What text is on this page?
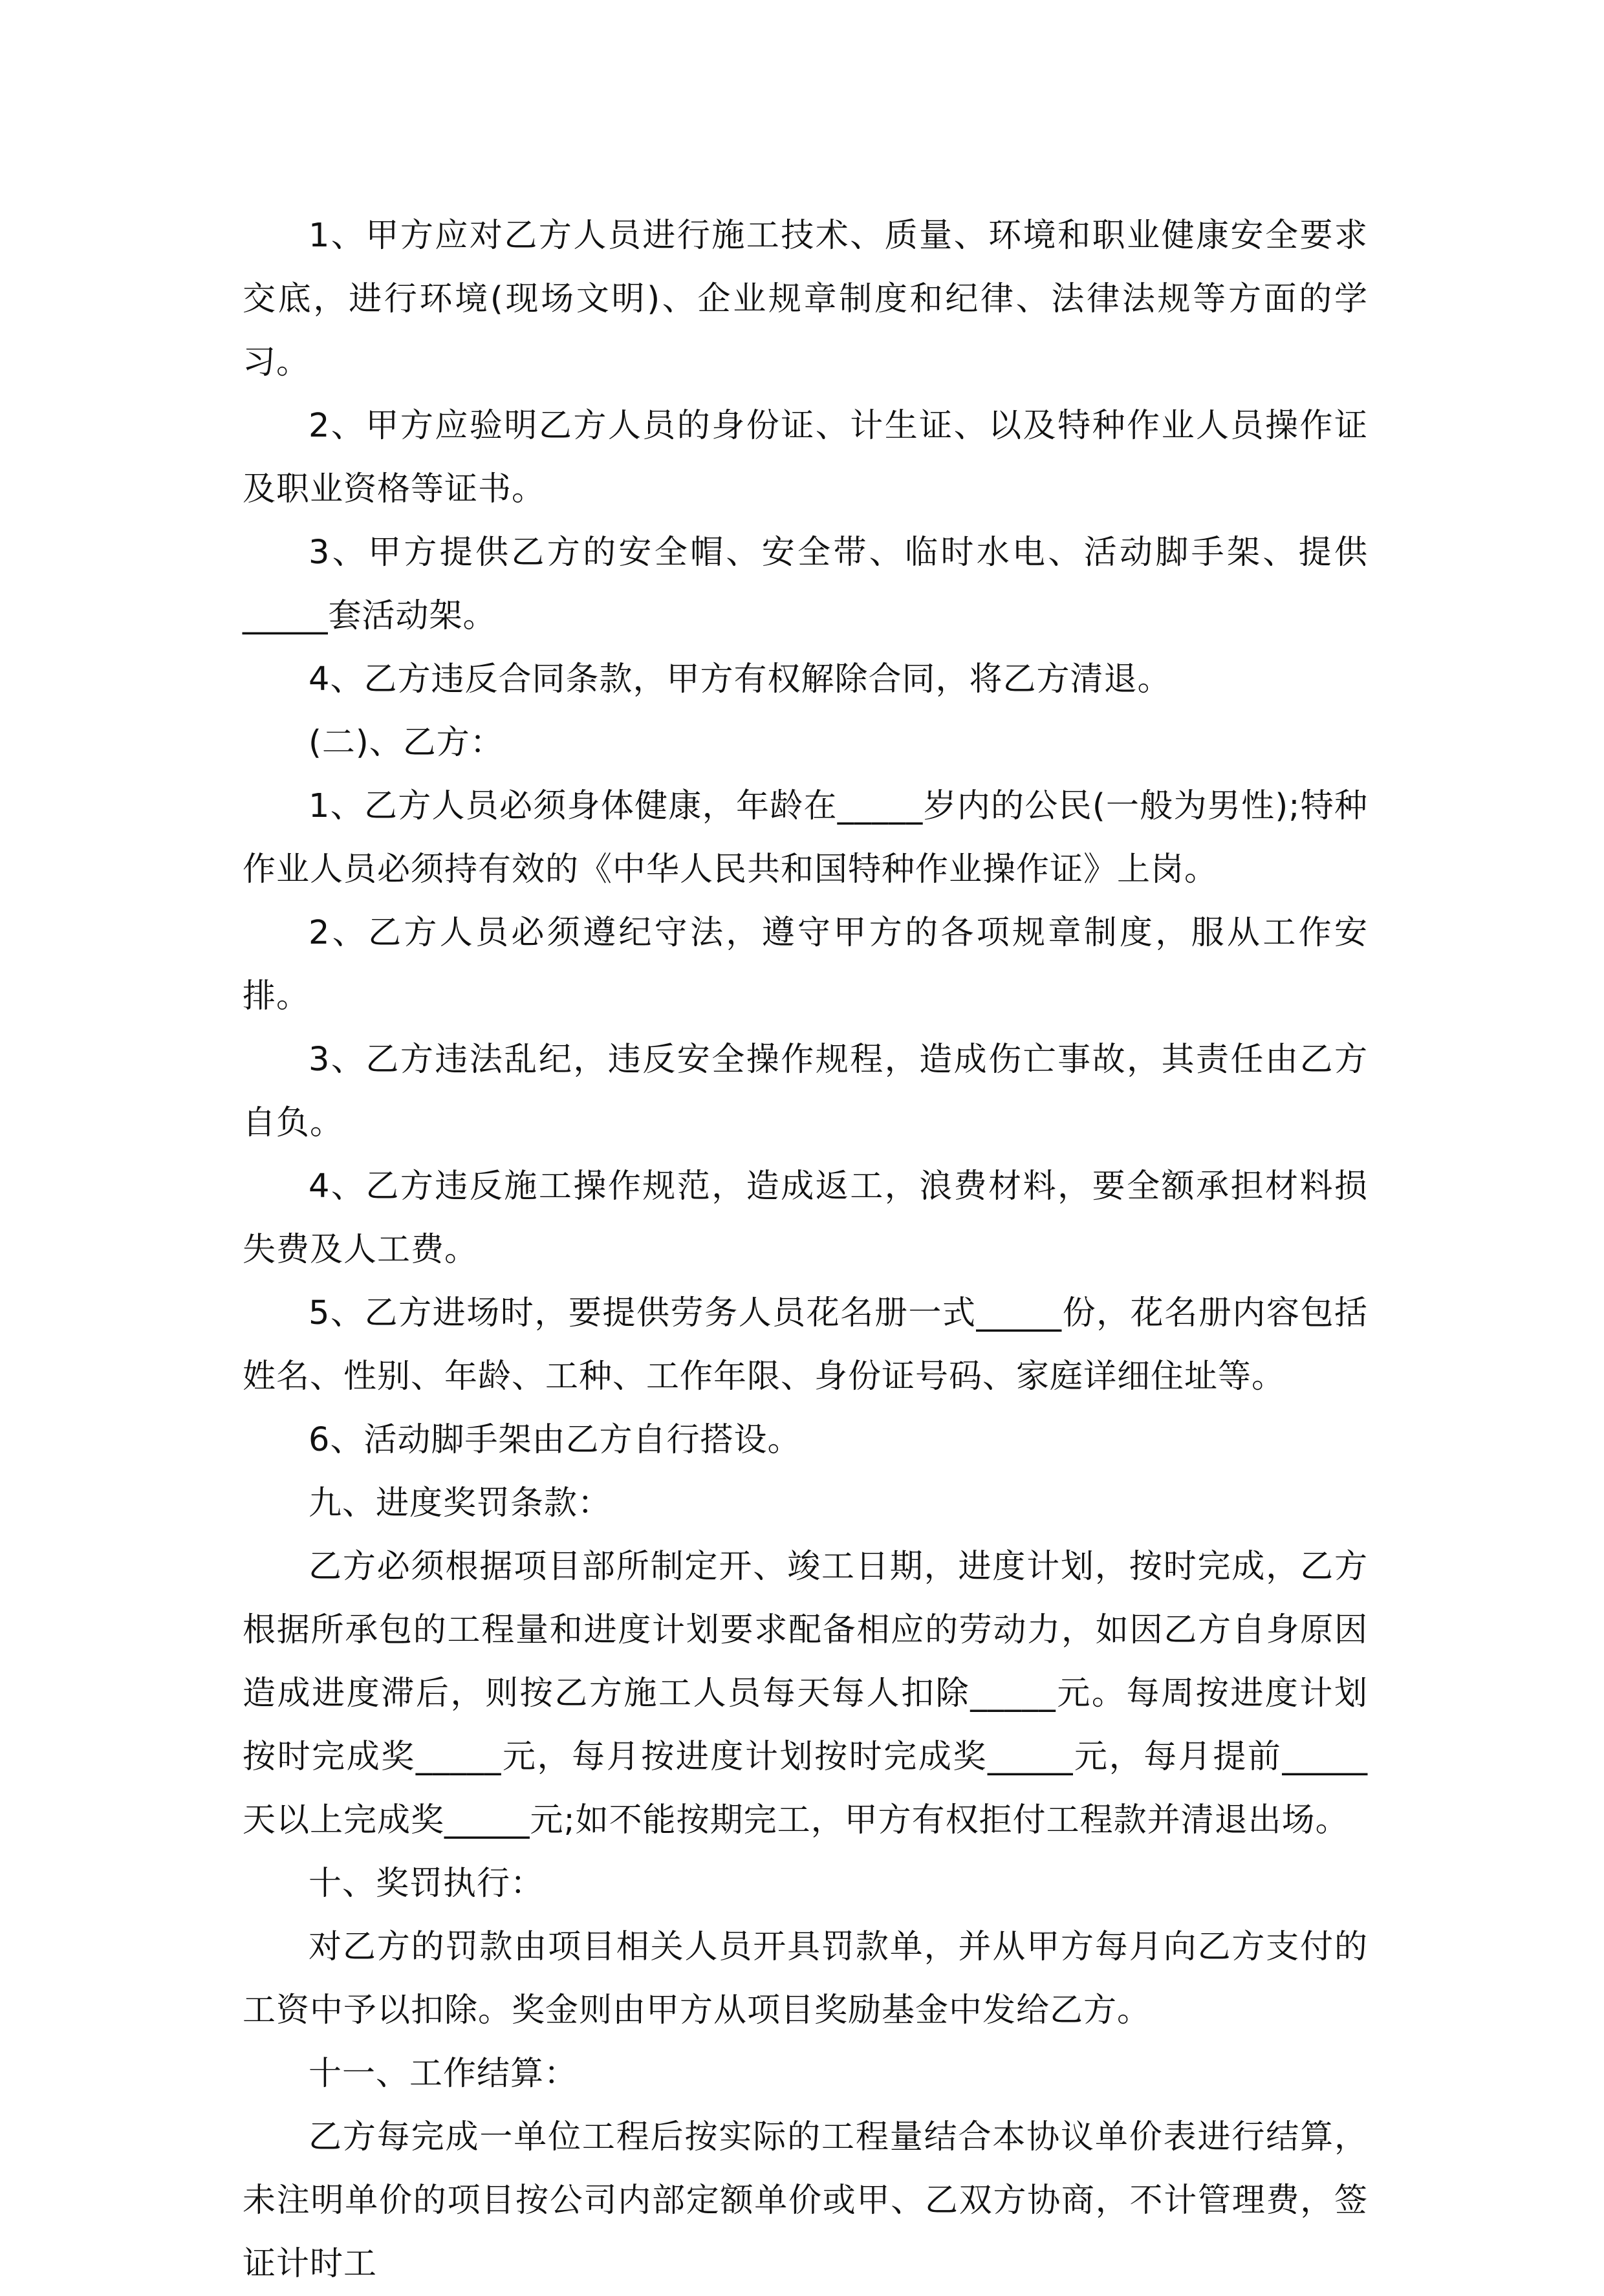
1、甲方应对乙方人员进行施工技术、质量、环境和职业健康安全要求交底，进行环境(现场文明)、企业规章制度和纪律、法律法规等方面的学习。

2、甲方应验明乙方人员的身份证、计生证、以及特种作业人员操作证及职业资格等证书。

3、甲方提供乙方的安全帽、安全带、临时水电、活动脚手架、提供_____套活动架。

4、乙方违反合同条款，甲方有权解除合同，将乙方清退。

(二)、乙方：

1、乙方人员必须身体健康，年龄在_____岁内的公民(一般为男性);特种作业人员必须持有效的《中华人民共和国特种作业操作证》上岗。

2、乙方人员必须遵纪守法，遵守甲方的各项规章制度，服从工作安排。

3、乙方违法乱纪，违反安全操作规程，造成伤亡事故，其责任由乙方自负。

4、乙方违反施工操作规范，造成返工，浪费材料，要全额承担材料损失费及人工费。

5、乙方进场时，要提供劳务人员花名册一式_____份，花名册内容包括姓名、性别、年龄、工种、工作年限、身份证号码、家庭详细住址等。

6、活动脚手架由乙方自行搭设。

九、进度奖罚条款：

乙方必须根据项目部所制定开、竣工日期，进度计划，按时完成，乙方根据所承包的工程量和进度计划要求配备相应的劳动力，如因乙方自身原因造成进度滞后，则按乙方施工人员每天每人扣除_____元。每周按进度计划按时完成奖_____元，每月按进度计划按时完成奖_____元，每月提前_____天以上完成奖_____元;如不能按期完工，甲方有权拒付工程款并清退出场。

十、奖罚执行：

对乙方的罚款由项目相关人员开具罚款单，并从甲方每月向乙方支付的工资中予以扣除。奖金则由甲方从项目奖励基金中发给乙方。

十一、工作结算：

乙方每完成一单位工程后按实际的工程量结合本协议单价表进行结算，未注明单价的项目按公司内部定额单价或甲、乙双方协商，不计管理费，签证计时工
